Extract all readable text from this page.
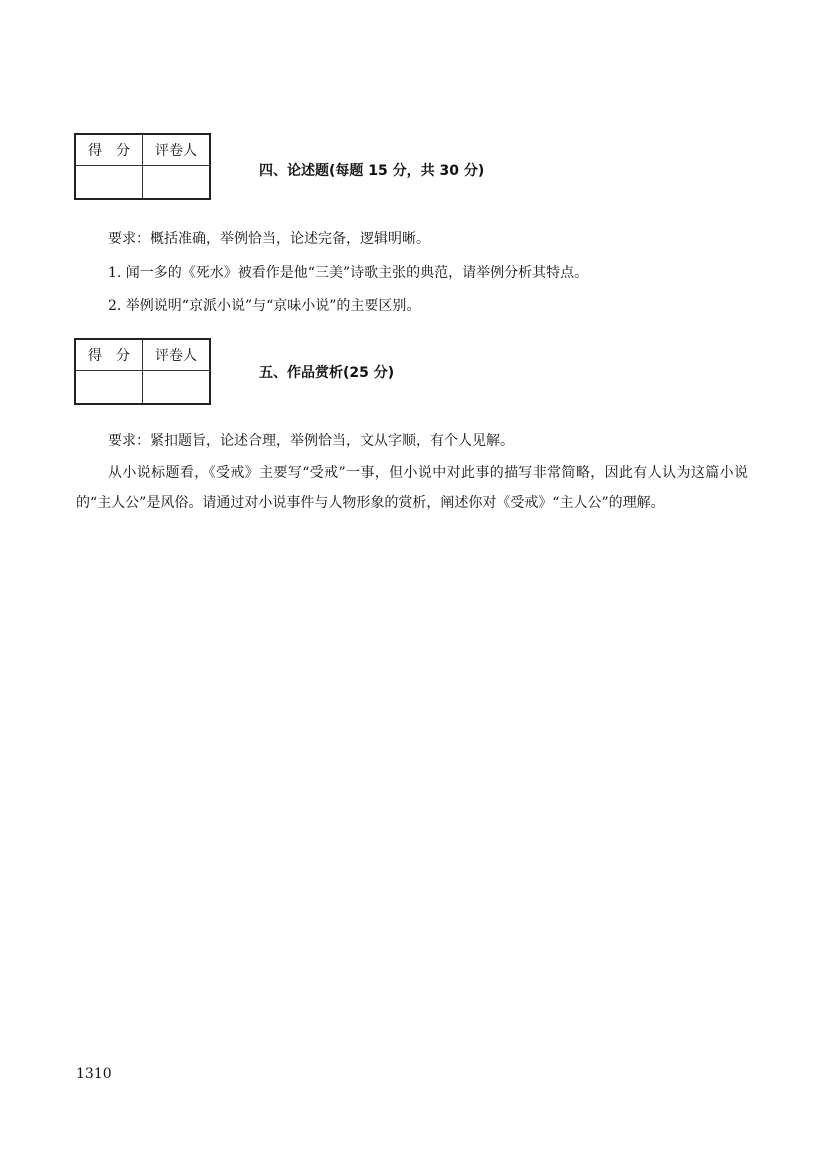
得　分	评卷人

四、论述题(每题 15 分，共 30 分)
要求：概括准确，举例恰当，论述完备，逻辑明晰。
1. 闻一多的《死水》被看作是他“三美”诗歌主张的典范，请举例分析其特点。
2. 举例说明“京派小说”与“京味小说”的主要区别。
得　分	评卷人

五、作品赏析(25 分)
要求：紧扣题旨，论述合理，举例恰当，文从字顺，有个人见解。
从小说标题看，《受戒》主要写“受戒”一事，但小说中对此事的描写非常简略，因此有人认为这篇小说的“主人公”是风俗。请通过对小说事件与人物形象的赏析，阐述你对《受戒》“主人公”的理解。
1310
